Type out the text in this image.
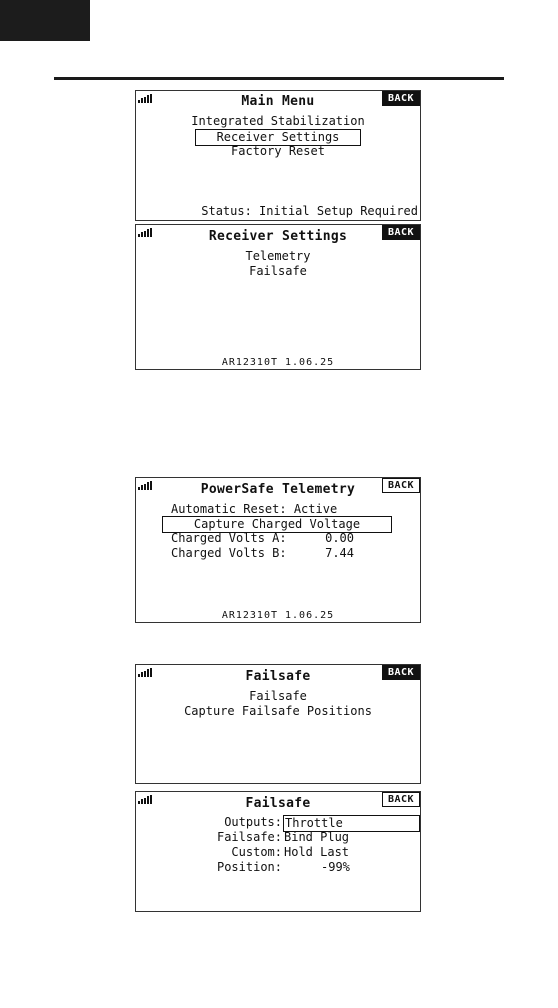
BACK
Main Menu
Integrated Stabilization
Receiver Settings
Factory Reset
Status: Initial Setup Required
BACK
Receiver Settings
Telemetry
Failsafe
AR12310T 1.06.25
BACK
PowerSafe Telemetry
Automatic Reset: Active
Capture Charged Voltage
Charged Volts A:	0.00
Charged Volts B:	7.44
AR12310T 1.06.25
BACK
Failsafe
Failsafe
Capture Failsafe Positions
BACK
Failsafe
Outputs: Throttle
Failsafe: Bind Plug
Custom: Hold Last
Position:	-99%
